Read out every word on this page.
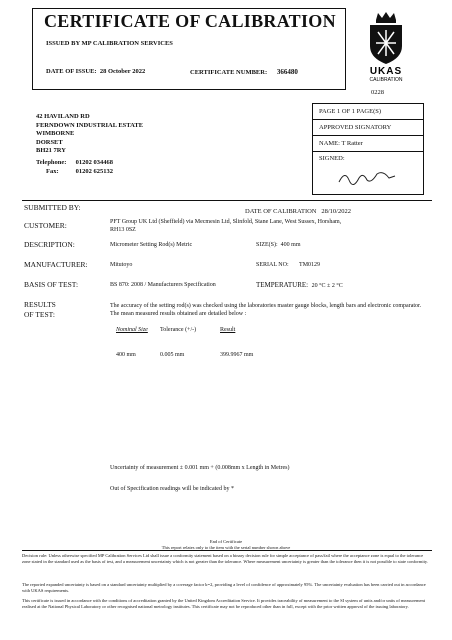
CERTIFICATE OF CALIBRATION
ISSUED BY MP CALIBRATION SERVICES
DATE OF ISSUE: 28 October 2022	CERTIFICATE NUMBER: 366480	UKAS
CALIBRATION
0228
42 HAVILAND RD
FERNDOWN INDUSTRIAL ESTATE
WIMBORNE
DORSET
BH21 7RY
Telephone: 01202 034468
Fax:	01202 625132
PAGE 1 OF 1 PAGE(S)
APPROVED SIGNATORY
NAME: T Ratter
SIGNED:
SUBMITTED BY:	DATE OF CALIBRATION 28/10/2022
CUSTOMER:	PFT Group UK Ltd (Sheffield) via Mecmesin Ltd, Slinfold, Stane Lane, West Sussex, Horsham,
RH13 0SZ
DESCRIPTION:	Micrometer Setting Rod(s) Metric	SIZE(S): 400 mm
MANUFACTURER:	Mitutoyo	SERIAL NO: TM0129
BASIS OF TEST:	BS 870: 2008 / Manufacturers Specification	TEMPERATURE: 20 °C ± 2 °C
RESULTS
OF TEST:
The accuracy of the setting rod(s) was checked using the laboratories master gauge blocks, length bars and electronic comparator. The mean measured results obtained are detailed below :
Nominal Size Tolerance (+/-)	Result
400 mm	0.005 mm	399.9967 mm
Uncertainty of measurement ± 0.001 mm + (0.008mm x Length in Metres)
Out of Specification readings will be indicated by *
End of Certificate
This report relates only to the item with the serial number shown above
Decision rule: Unless otherwise specified MP Calibration Services Ltd shall issue a conformity statement based on a binary decision rule for simple acceptance of pass/fail where the acceptance zone is equal to the tolerance zone stated in the standard used as the basis of test, and a measurement uncertainty which is not greater than the tolerance. Where measurement uncertainty is greater than the tolerance then it is not possible to state conformity.
The reported expanded uncertainty is based on a standard uncertainty multiplied by a coverage factor k=2, providing a level of confidence of approximately 95%. The uncertainty evaluation has been carried out in accordance with UKAS requirements.
This certificate is issued in accordance with the conditions of accreditation granted by the United Kingdom Accreditation Service. It provides traceability of measurement to the SI system of units and/or units of measurement realised at the National Physical Laboratory or other recognised national metrology institutes. This certificate may not be reproduced other than in full, except with the prior written approval of the issuing laboratory.
